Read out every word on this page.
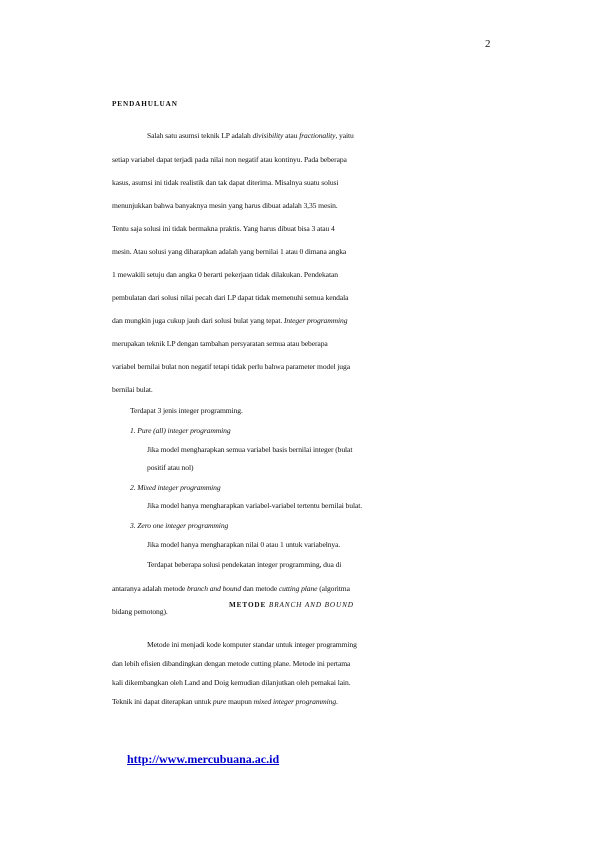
2
PENDAHULUAN
Salah satu asumsi teknik LP adalah divisibility atau fractionality, yaitu
setiap variabel dapat terjadi pada nilai non negatif atau kontinyu. Pada beberapa
kasus, asumsi ini tidak realistik dan tak dapat diterima. Misalnya suatu solusi
menunjukkan bahwa banyaknya mesin yang harus dibuat adalah 3,35 mesin.
Tentu saja solusi ini tidak bermakna praktis. Yang harus dibuat bisa 3 atau 4
mesin. Atau solusi yang diharapkan adalah yang bernilai 1 atau 0 dimana angka
1 mewakili setuju dan angka 0 berarti pekerjaan tidak dilakukan. Pendekatan
pembulatan dari solusi nilai pecah dari LP dapat tidak memenuhi semua kendala
dan mungkin juga cukup jauh dari solusi bulat yang tepat. Integer programming
merupakan teknik LP dengan tambahan persyaratan semua atau beberapa
variabel bernilai bulat non negatif tetapi tidak perlu bahwa parameter model juga
bernilai bulat.
Terdapat 3 jenis integer programming.
1. Pure (all) integer programming
Jika model mengharapkan semua variabel basis bernilai integer (bulat
positif atau nol)
2. Mixed integer programming
Jika model hanya mengharapkan variabel-variabel tertentu bernilai bulat.
3. Zero one integer programming
Jika model hanya mengharapkan nilai 0 atau 1 untuk variabelnya.
Terdapat beberapa solusi pendekatan integer programming, dua di
antaranya adalah metode branch and bound dan metode cutting plane (algoritma
bidang pemotong).
METODE BRANCH AND BOUND
Metode ini menjadi kode komputer standar untuk integer programming
dan lebih efisien dibandingkan dengan metode cutting plane. Metode ini pertama
kali dikembangkan oleh Land and Doig kemudian dilanjutkan oleh pemakai lain.
Teknik ini dapat diterapkan untuk pure maupun mixed integer programming.
http://www.mercubuana.ac.id
